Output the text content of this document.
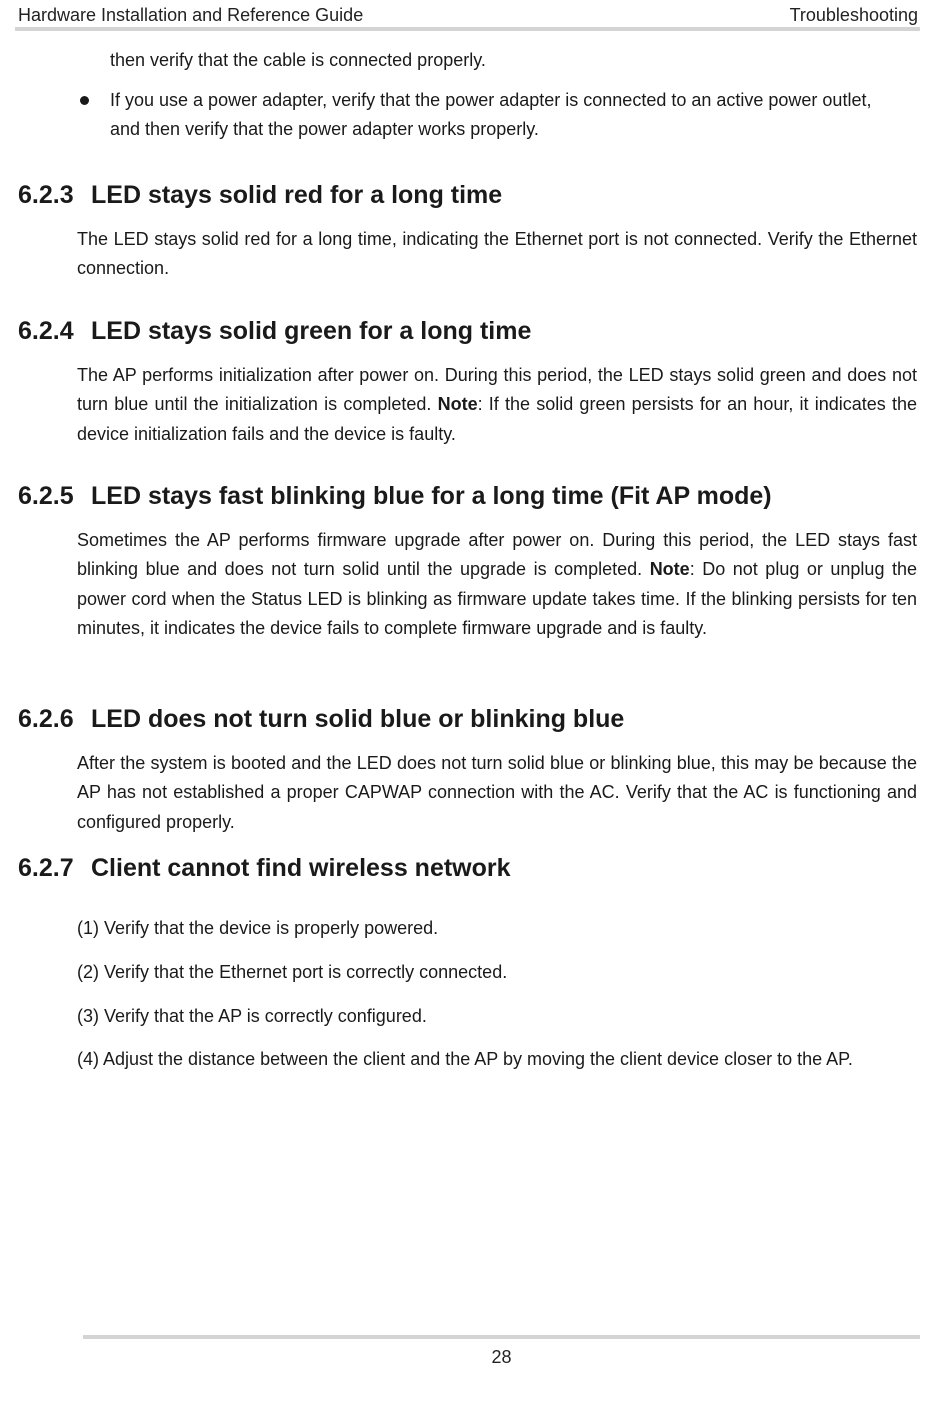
Hardware Installation and Reference Guide	Troubleshooting
then verify that the cable is connected properly.
If you use a power adapter, verify that the power adapter is connected to an active power outlet, and then verify that the power adapter works properly.
6.2.3 LED stays solid red for a long time

The LED stays solid red for a long time, indicating the Ethernet port is not connected. Verify the Ethernet connection.

6.2.4 LED stays solid green for a long time

The AP performs initialization after power on. During this period, the LED stays solid green and does not turn blue until the initialization is completed. Note: If the solid green persists for an hour, it indicates the device initialization fails and the device is faulty.

6.2.5 LED stays fast blinking blue for a long time (Fit AP mode)

Sometimes the AP performs firmware upgrade after power on. During this period, the LED stays fast blinking blue and does not turn solid until the upgrade is completed. Note: Do not plug or unplug the power cord when the Status LED is blinking as firmware update takes time. If the blinking persists for ten minutes, it indicates the device fails to complete firmware upgrade and is faulty.

6.2.6 LED does not turn solid blue or blinking blue

After the system is booted and the LED does not turn solid blue or blinking blue, this may be because the AP has not established a proper CAPWAP connection with the AC. Verify that the AC is functioning and configured properly.

6.2.7 Client cannot find wireless network
(1) Verify that the device is properly powered.
(2) Verify that the Ethernet port is correctly connected.
(3) Verify that the AP is correctly configured.
(4) Adjust the distance between the client and the AP by moving the client device closer to the AP.
28
